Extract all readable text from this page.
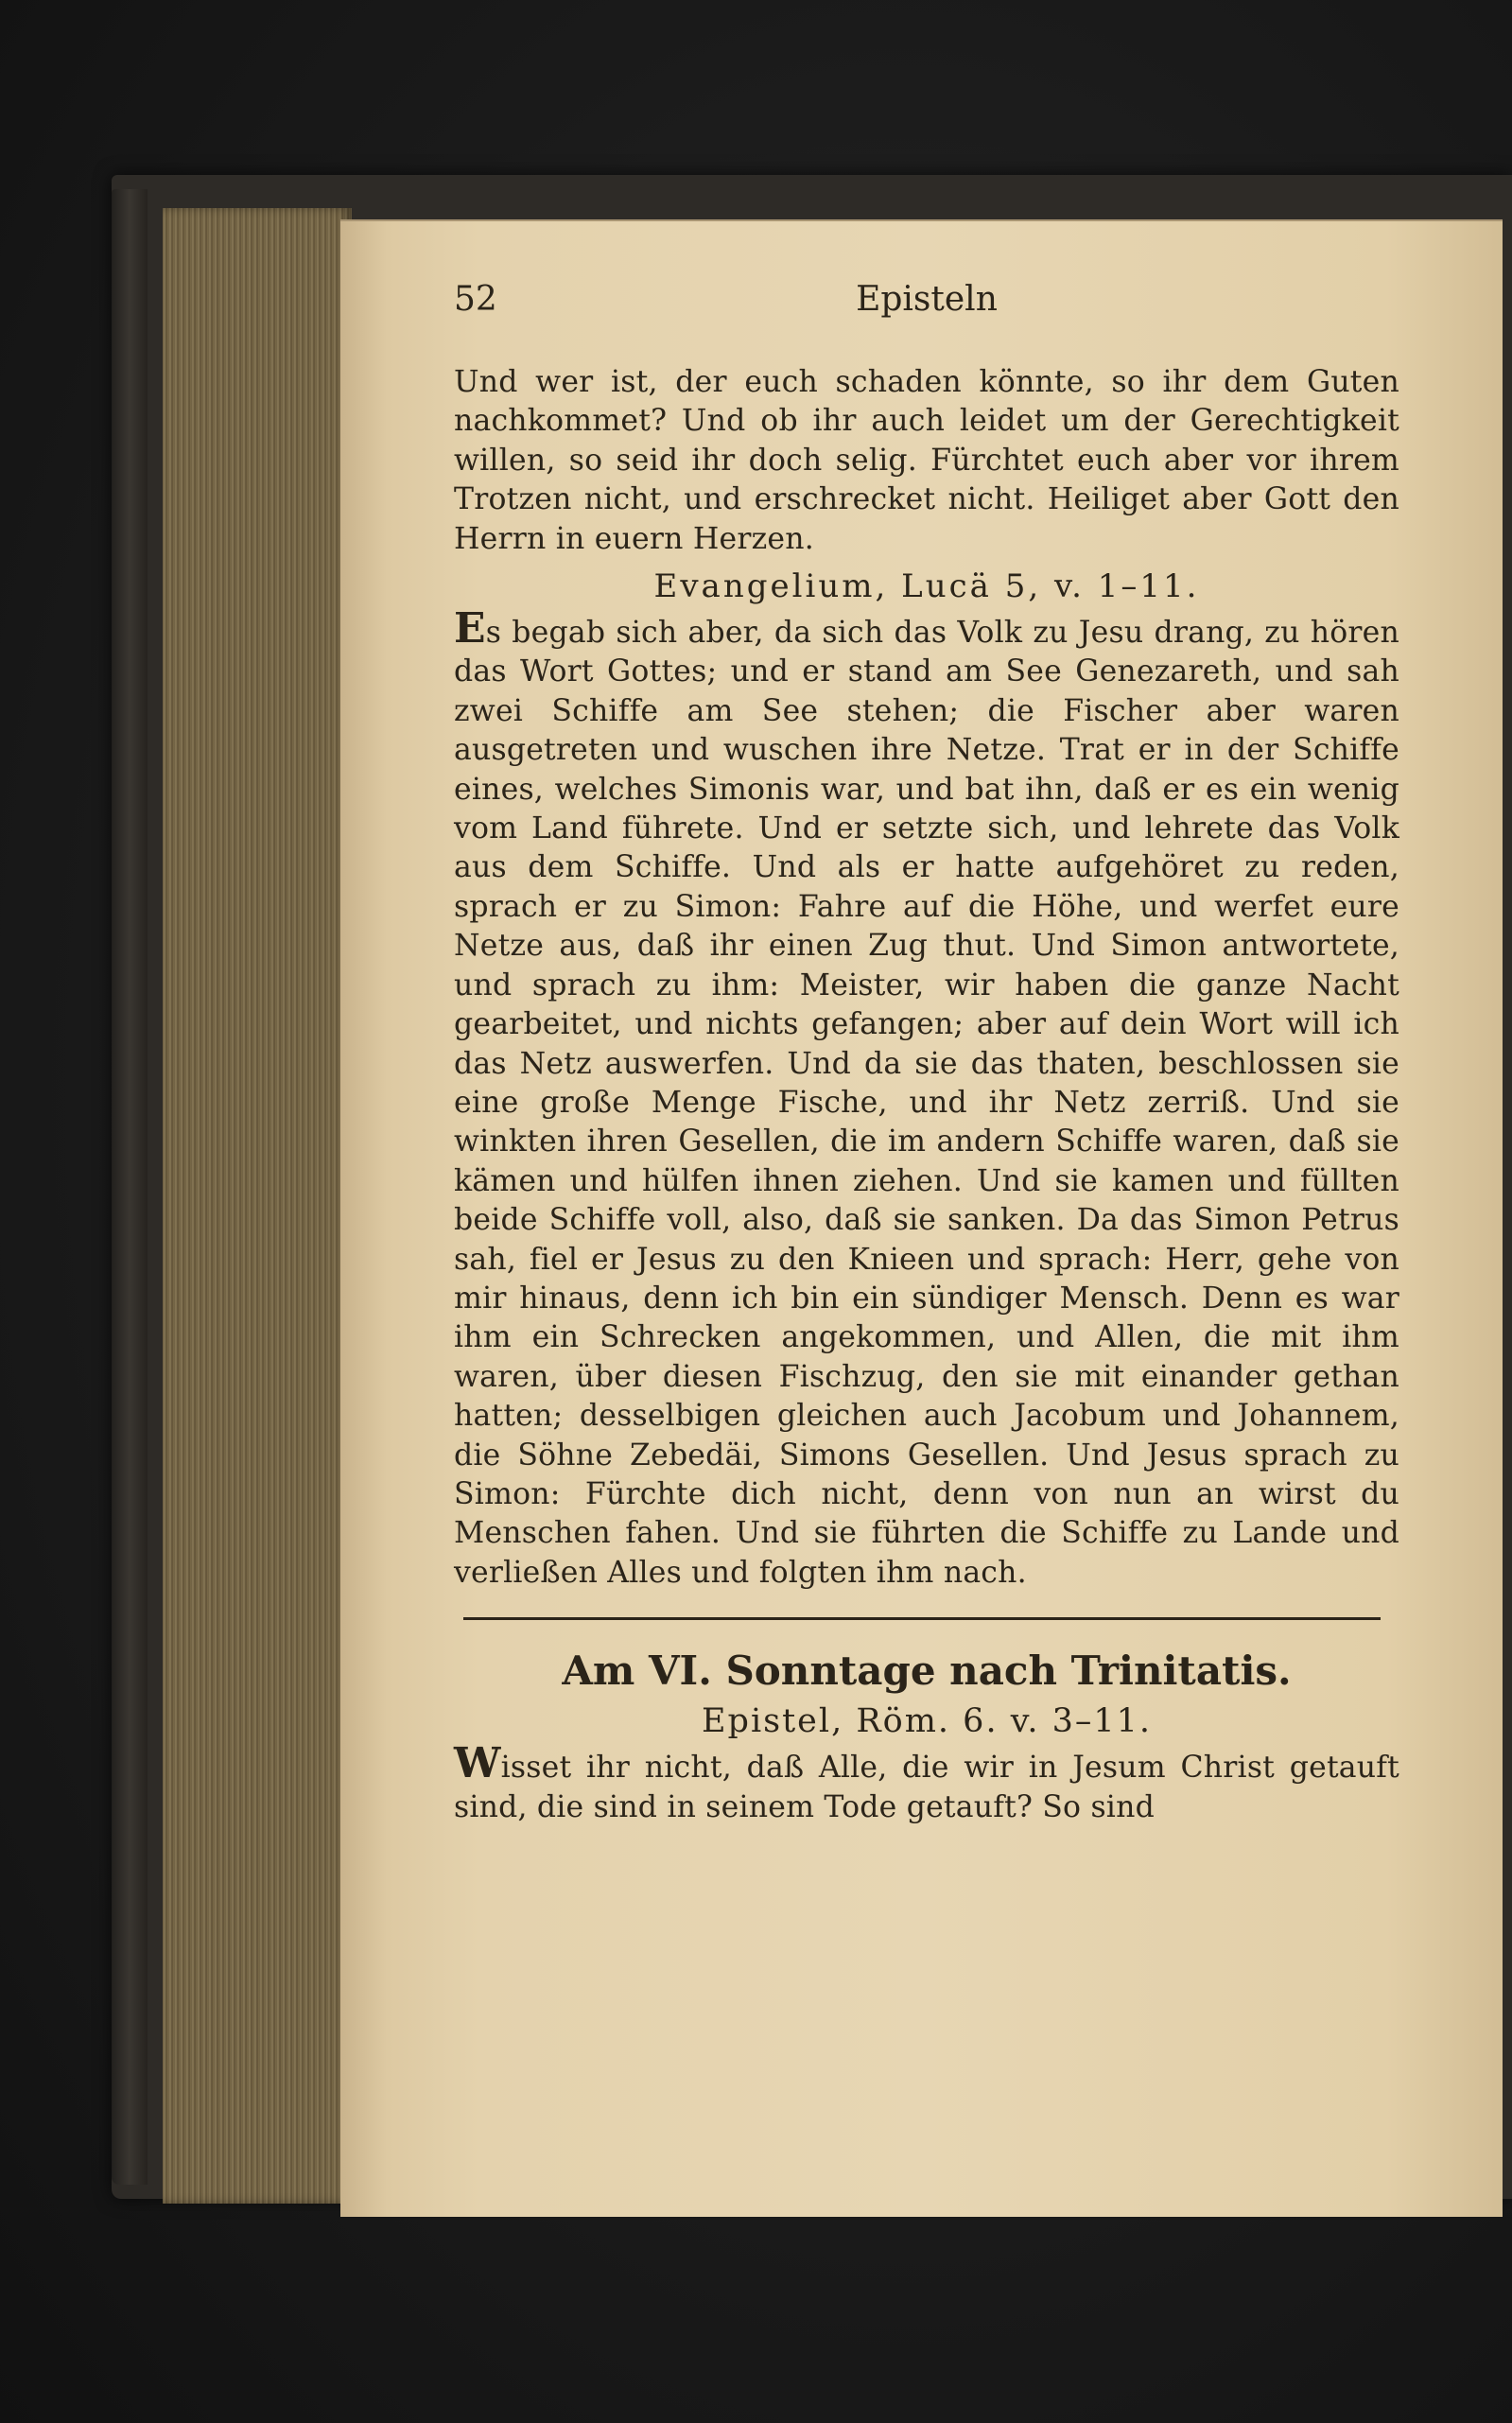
52	Episteln

Und wer ist, der euch schaden könnte, so ihr dem Guten nachkommet? Und ob ihr auch leidet um der Gerechtigkeit willen, so seid ihr doch selig. Fürchtet euch aber vor ihrem Trotzen nicht, und erschrecket nicht. Heiliget aber Gott den Herrn in euern Herzen.

Evangelium, Lucä 5, v. 1–11.

Es begab sich aber, da sich das Volk zu Jesu drang, zu hören das Wort Gottes; und er stand am See Genezareth, und sah zwei Schiffe am See stehen; die Fischer aber waren ausgetreten und wuschen ihre Netze. Trat er in der Schiffe eines, welches Simonis war, und bat ihn, daß er es ein wenig vom Land führete. Und er setzte sich, und lehrete das Volk aus dem Schiffe. Und als er hatte aufgehöret zu reden, sprach er zu Simon: Fahre auf die Höhe, und werfet eure Netze aus, daß ihr einen Zug thut. Und Simon antwortete, und sprach zu ihm: Meister, wir haben die ganze Nacht gearbeitet, und nichts gefangen; aber auf dein Wort will ich das Netz auswerfen. Und da sie das thaten, beschlossen sie eine große Menge Fische, und ihr Netz zerriß. Und sie winkten ihren Gesellen, die im andern Schiffe waren, daß sie kämen und hülfen ihnen ziehen. Und sie kamen und füllten beide Schiffe voll, also, daß sie sanken. Da das Simon Petrus sah, fiel er Jesus zu den Knieen und sprach: Herr, gehe von mir hinaus, denn ich bin ein sündiger Mensch. Denn es war ihm ein Schrecken angekommen, und Allen, die mit ihm waren, über diesen Fischzug, den sie mit einander gethan hatten; desselbigen gleichen auch Jacobum und Johannem, die Söhne Zebedäi, Simons Gesellen. Und Jesus sprach zu Simon: Fürchte dich nicht, denn von nun an wirst du Menschen fahen. Und sie führten die Schiffe zu Lande und verließen Alles und folgten ihm nach.

Am VI. Sonntage nach Trinitatis.
Epistel, Röm. 6. v. 3–11.

Wisset ihr nicht, daß Alle, die wir in Jesum Christ getauft sind, die sind in seinem Tode getauft? So sind
